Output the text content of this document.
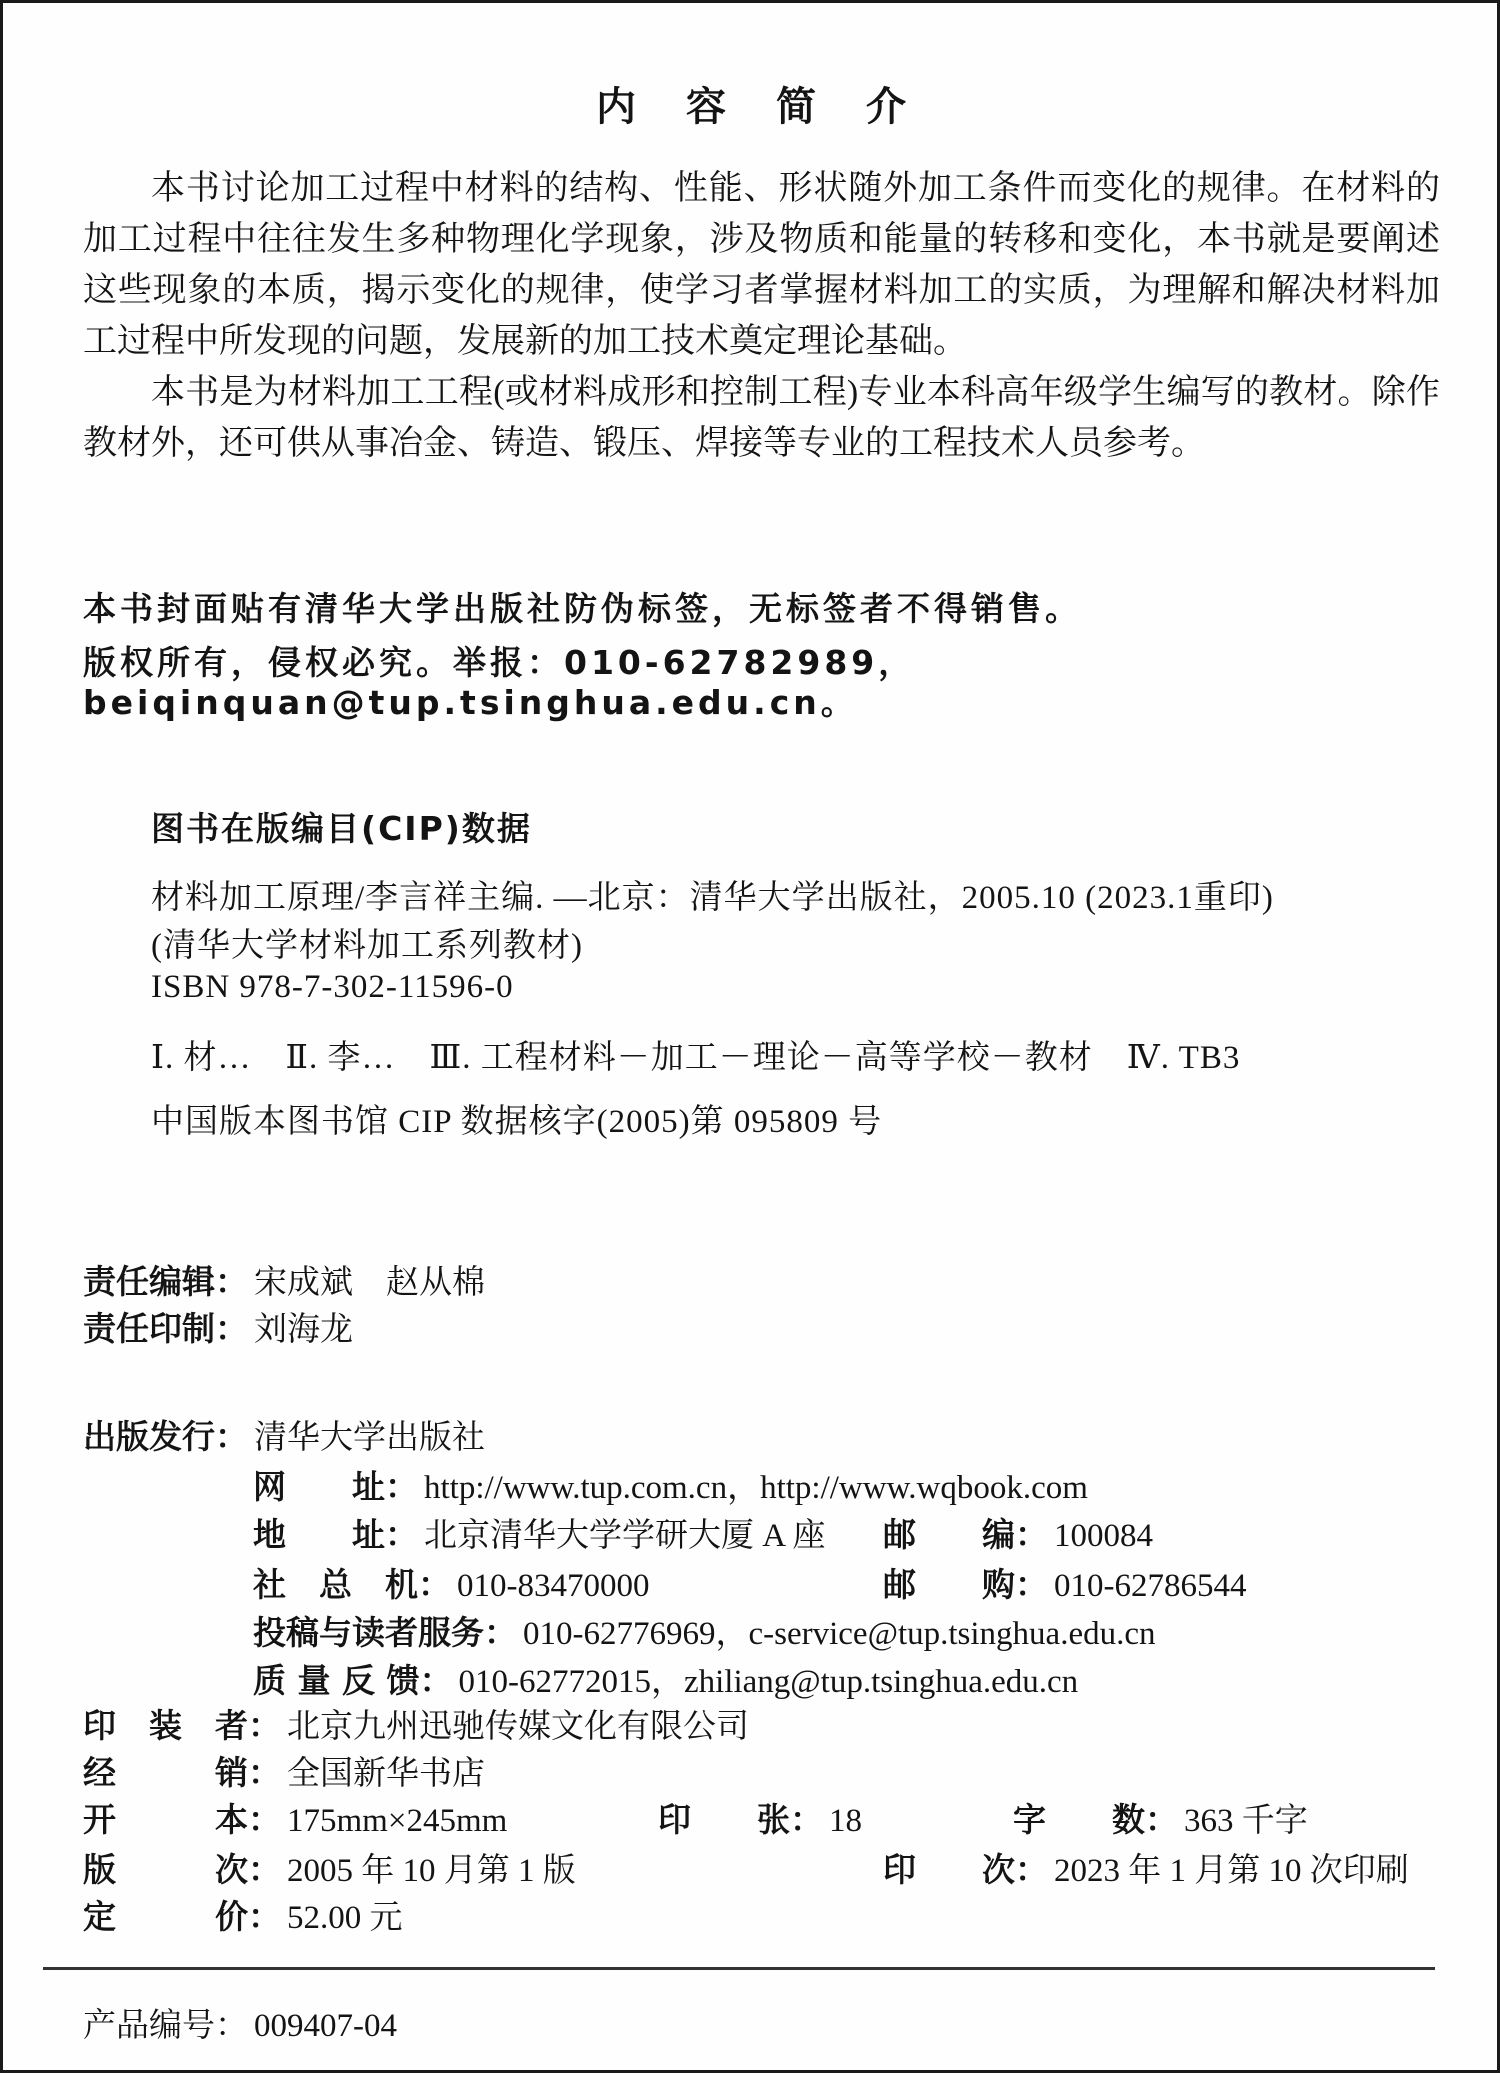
内 容 简 介

本书讨论加工过程中材料的结构、性能、形状随外加工条件而变化的规律。在材料的加工过程中往往发生多种物理化学现象，涉及物质和能量的转移和变化，本书就是要阐述这些现象的本质，揭示变化的规律，使学习者掌握材料加工的实质，为理解和解决材料加工过程中所发现的问题，发展新的加工技术奠定理论基础。

本书是为材料加工工程(或材料成形和控制工程)专业本科高年级学生编写的教材。除作教材外，还可供从事冶金、铸造、锻压、焊接等专业的工程技术人员参考。

本书封面贴有清华大学出版社防伪标签，无标签者不得销售。

版权所有，侵权必究。举报：010-62782989，beiqinquan@tup.tsinghua.edu.cn。

图书在版编目(CIP)数据
材料加工原理/李言祥主编. —北京：清华大学出版社，2005.10 (2023.1重印)
(清华大学材料加工系列教材)
ISBN 978-7-302-11596-0
Ⅰ. 材…　Ⅱ. 李…　Ⅲ. 工程材料－加工－理论－高等学校－教材　Ⅳ. TB3
中国版本图书馆 CIP 数据核字(2005)第 095809 号
责任编辑： 宋成斌　赵从棉
责任印制： 刘海龙
出版发行： 清华大学出版社
网　　址： http://www.tup.com.cn，http://www.wqbook.com
地　　址： 北京清华大学学研大厦 A 座 邮　　编： 100084
社　总　机： 010-83470000	邮　　购： 010-62786544
投稿与读者服务： 010-62776969，c-service@tup.tsinghua.edu.cn
质 量 反 馈： 010-62772015，zhiliang@tup.tsinghua.edu.cn
印　装　者： 北京九州迅驰传媒文化有限公司
经　　　销： 全国新华书店
开　　　本： 175mm×245mm	印　　张： 18	字　　数： 363 千字
版　　　次： 2005 年 10 月第 1 版	印　　次： 2023 年 1 月第 10 次印刷
定　　　价： 52.00 元
产品编号： 009407-04
